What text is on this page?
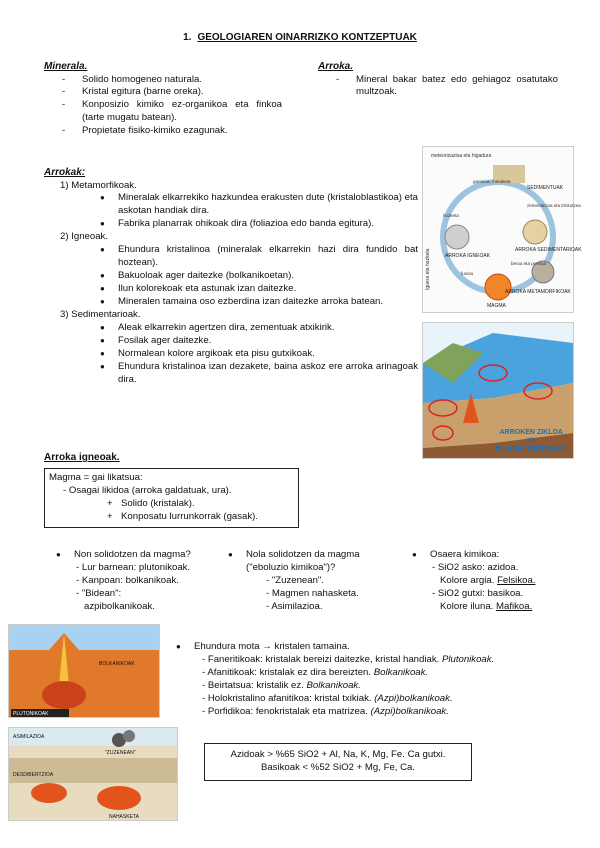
1. GEOLOGIAREN OINARRIZKO KONTZEPTUAK
Minerala.
- Solido homogeneo naturala.
- Kristal egitura (barne oreka).
- Konposizio kimiko ez-organikoa eta finkoa (tarte mugatu batean).
- Propietate fisiko-kimiko ezagunak.
Arroka.
- Mineral bakar batez edo gehiagoz osatutako multzoak.
Arrokak:
1) Metamorfikoak.
● Mineralak elkarrekiko hazkundea erakusten dute (kristaloblastikoa) eta askotan handiak dira.
● Fabrika planarrak ohikoak dira (foliazioa edo banda egitura).
2) Igneoak.
● Ehundura kristalinoa (mineralak elkarrekin hazi dira fundido bat hoztean).
● Bakuoloak ager daitezke (bolkanikoetan).
● Ilun kolorekoak eta astunak izan daitezke.
● Mineralen tamaina oso ezberdina izan daitezke arroka batean.
3) Sedimentarioak.
● Aleak elkarrekin agertzen dira, zementuak atxikirik.
● Fosilak ager daitezke.
● Normalean kolore argikoak eta pisu gutxikoak.
● Ehundura kristalinoa izan dezakete, baina askoz ere arroka arinagoak dira.
meteorizazioa eta higadura
Igoera eta hozketa
SEDIMENTUAK
garraioa, metaketa
zementazioa eta trinkotzea
ARROKA IGNEOAK
ARROKA SEDIMENTARIOAK
ARROKA METAMORFIKOAK
MAGMA
fusioa
beroa eta presioa
hozketa
ARROKEN ZIKLOA
eta
PLAKEN TEKTONIKA
Arroka igneoak.
Magma = gai likatsua:
- Osagai likidoa (arroka galdatuak, ura).
+ Solido (kristalak).
+ Konposatu lurrunkorrak (gasak).
● Non solidotzen da magma?
- Lur barnean: plutonikoak.
- Kanpoan: bolkanikoak.
- "Bidean":
azpibolkanikoak.
● Nola solidotzen da magma
("eboluzio kimikoa")?
- "Zuzenean".
- Magmen nahasketa.
- Asimilazioa.
● Osaera kimikoa:
- SiO2 asko: azidoa.
Kolore argia. Felsikoa.
- SiO2 gutxi: basikoa.
Kolore iluna. Mafikoa.
PLUTONIKOAK
BOLKANIKOAK
ASIMILAZIOA
"ZUZENEAN"
DESDIBERTZIOA
NAHASKETA
● Ehundura mota → kristalen tamaina.
- Faneritikoak: kristalak bereizi daitezke, kristal handiak. Plutonikoak.
- Afanitikoak: kristalak ez dira bereizten. Bolkanikoak.
- Beirtatsua: kristalik ez. Bolkanikoak.
- Holokristalino afanitikoa: kristal txikiak. (Azpi)bolkanikoak.
- Porfidikoa: fenokristalak eta matrizea. (Azpi)bolkanikoak.
Azidoak > %65 SiO2 + Al, Na, K, Mg, Fe. Ca gutxi.
Basikoak < %52 SiO2 + Mg, Fe, Ca.
